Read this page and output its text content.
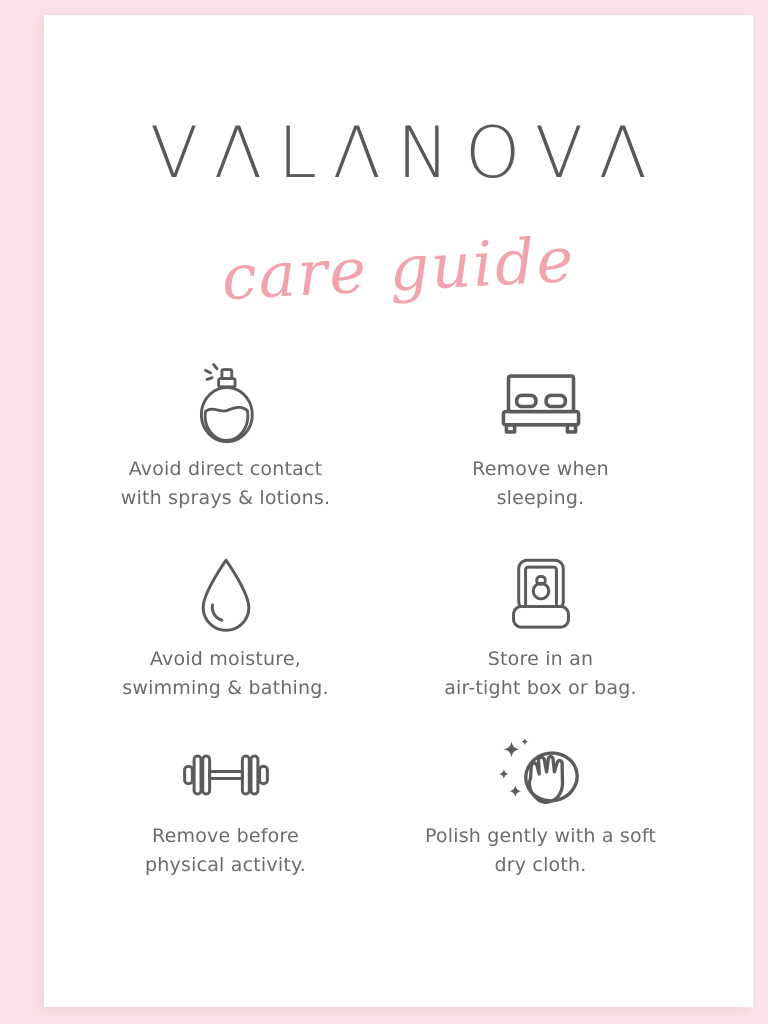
VΛLΛNOVΛ
care guide
Avoid direct contact
with sprays & lotions.
Remove when
sleeping.
Avoid moisture,
swimming & bathing.
Store in an
air-tight box or bag.
Remove before
physical activity.
Polish gently with a soft
dry cloth.
